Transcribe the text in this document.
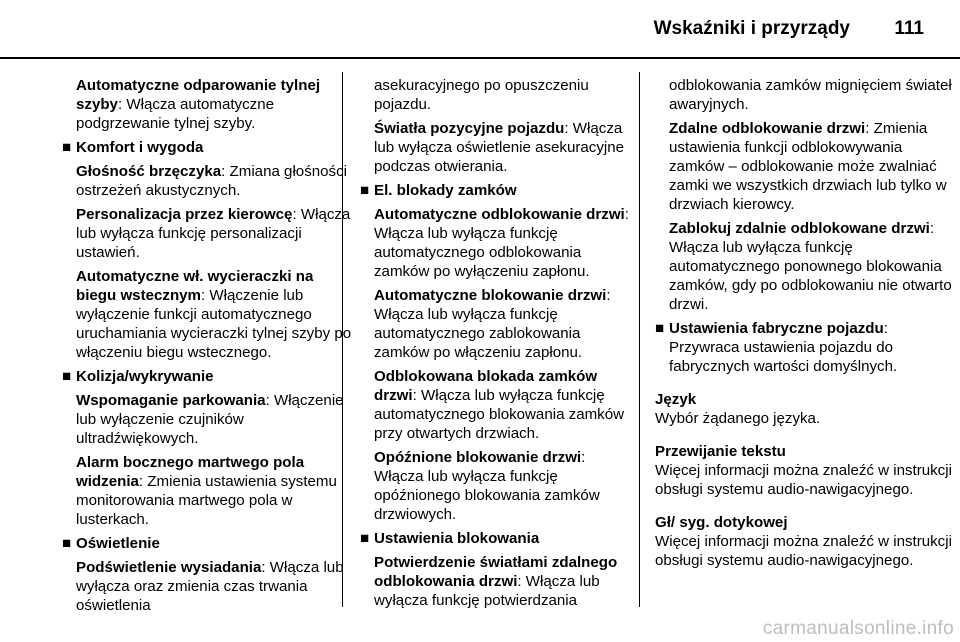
Wskaźniki i przyrządy 111

Automatyczne odparowanie tylnej szyby: Włącza automatyczne podgrzewanie tylnej szyby.

■ Komfort i wygoda

Głośność brzęczyka: Zmiana głośności ostrzeżeń akustycznych.

Personalizacja przez kierowcę: Włącza lub wyłącza funkcję personalizacji ustawień.

Automatyczne wł. wycieraczki na biegu wstecznym: Włączenie lub wyłączenie funkcji automatycznego uruchamiania wycieraczki tylnej szyby po włączeniu biegu wstecznego.

■ Kolizja/wykrywanie

Wspomaganie parkowania: Włączenie lub wyłączenie czujników ultradźwiękowych.

Alarm bocznego martwego pola widzenia: Zmienia ustawienia systemu monitorowania martwego pola w lusterkach.

■ Oświetlenie

Podświetlenie wysiadania: Włącza lub wyłącza oraz zmienia czas trwania oświetlenia

asekuracyjnego po opuszczeniu pojazdu.

Światła pozycyjne pojazdu: Włącza lub wyłącza oświetlenie asekuracyjne podczas otwierania.

■ El. blokady zamków

Automatyczne odblokowanie drzwi: Włącza lub wyłącza funkcję automatycznego odblokowania zamków po wyłączeniu zapłonu.

Automatyczne blokowanie drzwi: Włącza lub wyłącza funkcję automatycznego zablokowania zamków po włączeniu zapłonu.

Odblokowana blokada zamków drzwi: Włącza lub wyłącza funkcję automatycznego blokowania zamków przy otwartych drzwiach.

Opóźnione blokowanie drzwi: Włącza lub wyłącza funkcję opóźnionego blokowania zamków drzwiowych.

■ Ustawienia blokowania

Potwierdzenie światłami zdalnego odblokowania drzwi: Włącza lub wyłącza funkcję potwierdzania

odblokowania zamków mignięciem świateł awaryjnych.

Zdalne odblokowanie drzwi: Zmienia ustawienia funkcji odblokowywania zamków – odblokowanie może zwalniać zamki we wszystkich drzwiach lub tylko w drzwiach kierowcy.

Zablokuj zdalnie odblokowane drzwi: Włącza lub wyłącza funkcję automatycznego ponownego blokowania zamków, gdy po odblokowaniu nie otwarto drzwi.

■ Ustawienia fabryczne pojazdu: Przywraca ustawienia pojazdu do fabrycznych wartości domyślnych.
Język
Wybór żądanego języka.
Przewijanie tekstu
Więcej informacji można znaleźć w instrukcji obsługi systemu audio-nawigacyjnego.
Gł/ syg. dotykowej
Więcej informacji można znaleźć w instrukcji obsługi systemu audio-nawigacyjnego.
carmanualsonline.info
